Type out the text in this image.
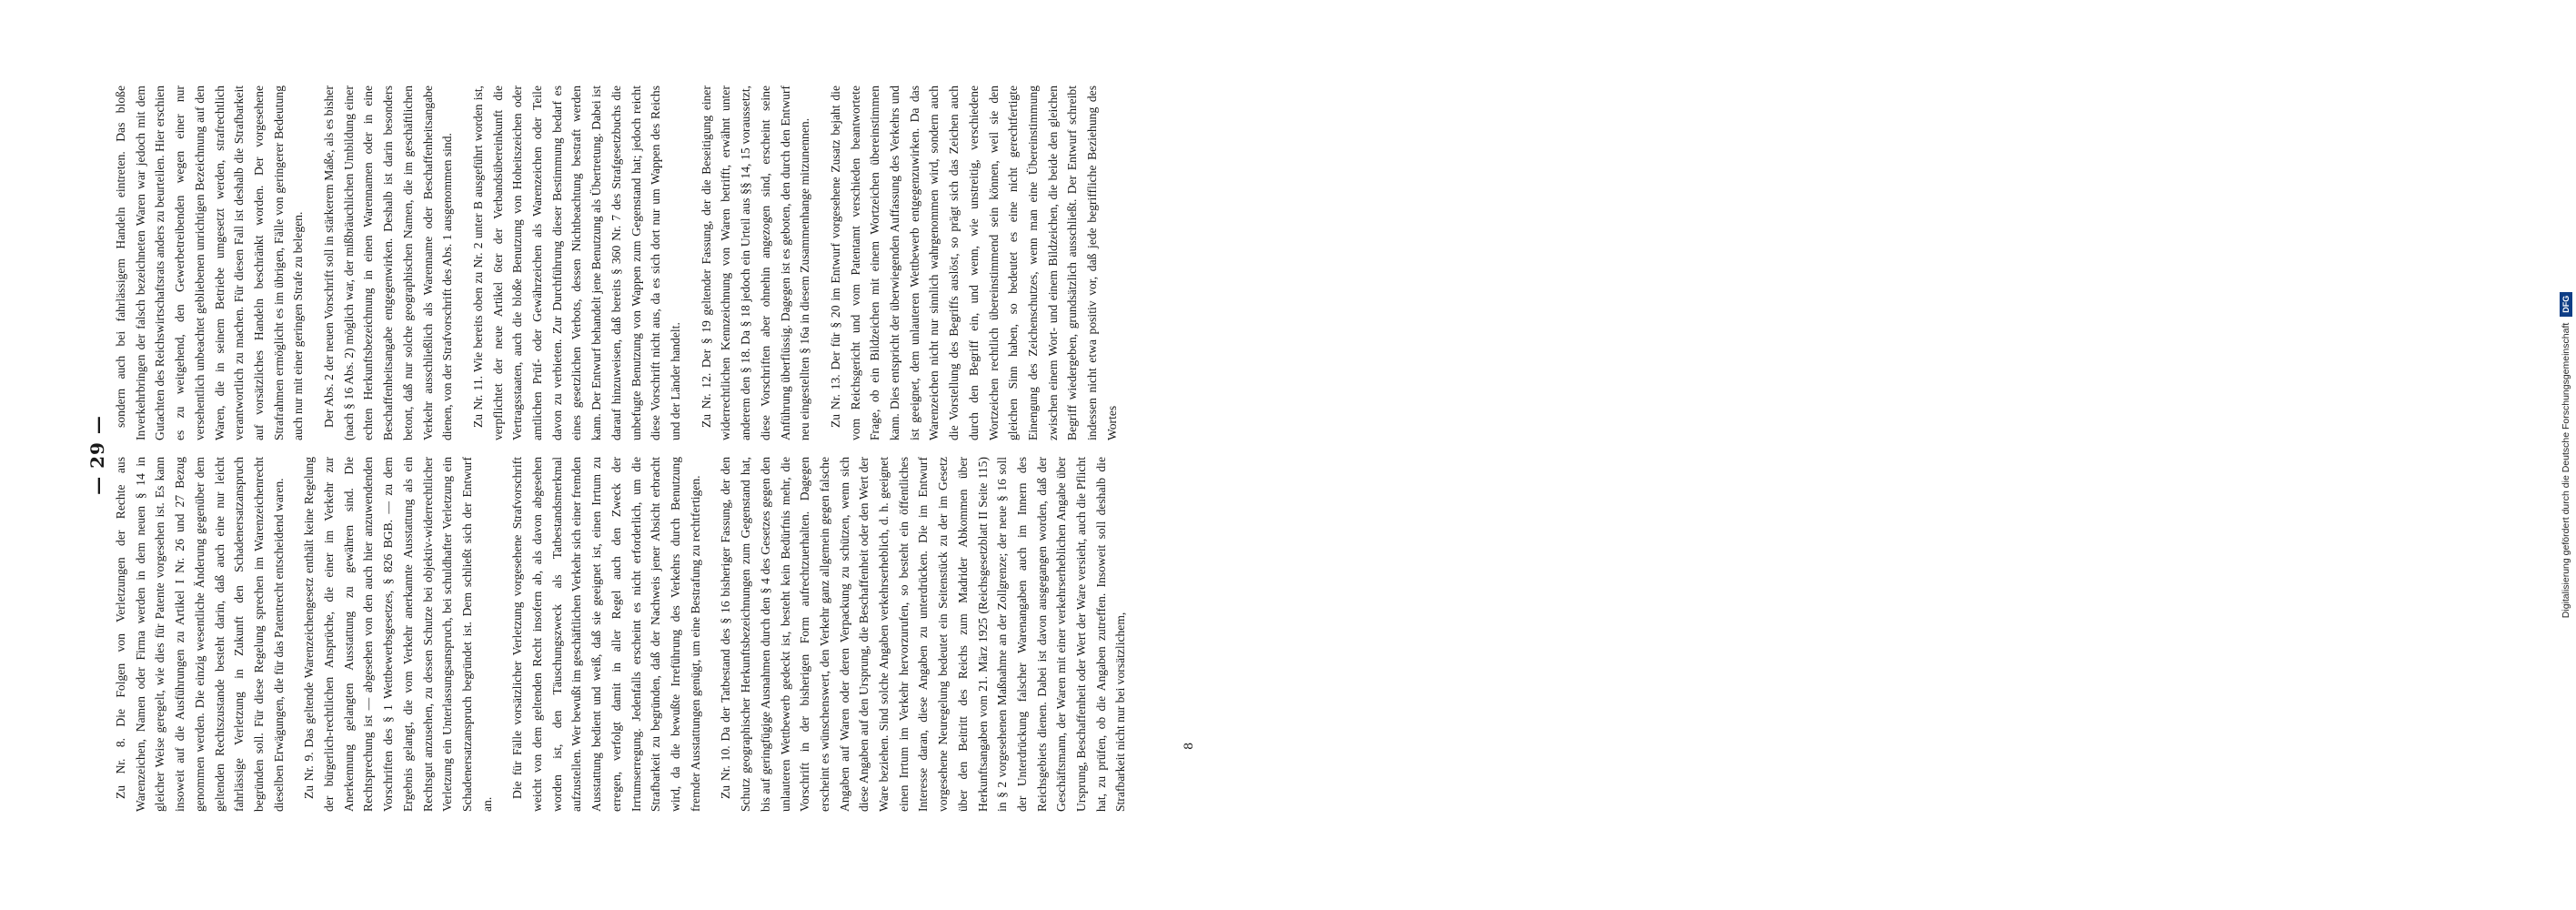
— 29 —

Zu Nr. 8. Die Folgen von Verletzungen der Rechte aus Warenzeichen, Namen oder Firma werden in dem neuen § 14 in gleicher Weise geregelt, wie dies für Patente vorgesehen ist. Es kann insoweit auf die Ausführungen zu Artikel I Nr. 26 und 27 Bezug genommen werden. Die einzig wesentliche Änderung gegenüber dem geltenden Rechtszustande besteht darin, daß auch eine nur leicht fahrlässige Verletzung in Zukunft den Schadenersatzanspruch begründen soll. Für diese Regelung sprechen im Warenzeichenrecht dieselben Erwägungen, die für das Patentrecht entscheidend waren. Zu Nr. 9. Das geltende Warenzeichengesetz enthält keine Regelung der bürgerlich-rechtlichen Ansprüche, die einer im Verkehr zur Anerkennung gelangten Ausstattung zu gewähren sind. Die Rechtsprechung ist — abgesehen von den auch hier anzuwendenden Vorschriften des § 1 Wettbewerbsgesetzes, § 826 BGB. — zu dem Ergebnis gelangt, die vom Verkehr anerkannte Ausstattung als ein Rechtsgut anzusehen, zu dessen Schutze bei objektiv-widerrechtlicher Verletzung ein Unterlassungsanspruch, bei schuldhafter Verletzung ein Schadenersatzanspruch begründet ist. Dem schließt sich der Entwurf an.

Die für Fälle vorsätzlicher Verletzung vorgesehene Strafvorschrift weicht von dem geltenden Recht insofern ab, als davon abgesehen worden ist, den Täuschungszweck als Tatbestandsmerkmal aufzustellen. Wer bewußt im geschäftlichen Verkehr sich einer fremden Ausstattung bedient und weiß, daß sie geeignet ist, einen Irrtum zu erregen, verfolgt damit in aller Regel auch den Zweck der Irrtumserregung. Jedenfalls erscheint es nicht erforderlich, um die Strafbarkeit zu begründen, daß der Nachweis jener Absicht erbracht wird, da die bewußte Irreführung des Verkehrs durch Benutzung fremder Ausstattungen genügt, um eine Bestrafung zu rechtfertigen. Zu Nr. 10. Da der Tatbestand des § 16 bisheriger Fassung, der den Schutz geographischer Herkunftsbezeichnungen zum Gegenstand hat, bis auf geringfügige Ausnahmen durch den § 4 des Gesetzes gegen den unlauteren Wettbewerb gedeckt ist, besteht kein Bedürfnis mehr, die Vorschrift in der bisherigen Form aufrechtzuerhalten. Dagegen erscheint es wünschenswert, den Verkehr ganz allgemein gegen falsche Angaben auf Waren oder deren Verpackung zu schützen, wenn sich diese Angaben auf den Ursprung, die Beschaffenheit oder den Wert der Ware beziehen. Sind solche Angaben verkehrserheblich, d. h. geeignet einen Irrtum im Verkehr hervorzurufen, so besteht ein öffentliches Interesse daran, diese Angaben zu unterdrücken. Die im Entwurf vorgesehene Neuregelung bedeutet ein Seitenstück zu der im Gesetz über den Beitritt des Reichs zum Madrider Abkommen über Herkunftsangaben vom 21. März 1925 (Reichsgesetzblatt II Seite 115) in § 2 vorgesehenen Maßnahme an der Zollgrenze; der neue § 16 soll der Unterdrückung falscher Warenangaben auch im Innern des Reichsgebiets dienen. Dabei ist davon ausgegangen worden, daß der Geschäftsmann, der Waren mit einer verkehrserheblichen Angabe über Ursprung, Beschaffenheit oder Wert der Ware versieht, auch die Pflicht hat, zu prüfen, ob die Angaben zutreffen. Insoweit soll deshalb die Strafbarkeit nicht nur bei vorsätzlichem,

sondern auch bei fahrlässigem Handeln eintreten. Das bloße Inverkehrbringen der falsch bezeichneten Waren war jedoch mit dem Gutachten des Reichswirtschaftsrats anders zu beurteilen. Hier erschien es zu weitgehend, den Gewerbetreibenden wegen einer nur versehentlich unbeachtet gebliebenen unrichtigen Bezeichnung auf den Waren, die in seinem Betriebe umgesetzt werden, strafrechtlich verantwortlich zu machen. Für diesen Fall ist deshalb die Strafbarkeit auf vorsätzliches Handeln beschränkt worden. Der vorgesehene Strafrahmen ermöglicht es im übrigen, Fälle von geringerer Bedeutung auch nur mit einer geringen Strafe zu belegen. Der Abs. 2 der neuen Vorschrift soll in stärkerem Maße, als es bisher (nach § 16 Abs. 2) möglich war, der mißbräuchlichen Umbildung einer echten Herkunftsbezeichnung in einen Warennamen oder in eine Beschaffenheitsangabe entgegenwirken. Deshalb ist darin besonders betont, daß nur solche geographischen Namen, die im geschäftlichen Verkehr ausschließlich als Warenname oder Beschaffenheitsangabe dienen, von der Strafvorschrift des Abs. 1 ausgenommen sind. Zu Nr. 11. Wie bereits oben zu Nr. 2 unter B ausgeführt worden ist, verpflichtet der neue Artikel 6ter der Verbandsübereinkunft die Vertragsstaaten, auch die bloße Benutzung von Hoheitszeichen oder amtlichen Prüf- oder Gewährzeichen als Warenzeichen oder Teile davon zu verbieten. Zur Durchführung dieser Bestimmung bedarf es eines gesetzlichen Verbots, dessen Nichtbeachtung bestraft werden kann. Der Entwurf behandelt jene Benutzung als Übertretung. Dabei ist darauf hinzuweisen, daß bereits § 360 Nr. 7 des Strafgesetzbuchs die unbefugte Benutzung von Wappen zum Gegenstand hat; jedoch reicht diese Vorschrift nicht aus, da es sich dort nur um Wappen des Reichs und der Länder handelt. Zu Nr. 12. Der § 19 geltender Fassung, der die Beseitigung einer widerrechtlichen Kennzeichnung von Waren betrifft, erwähnt unter anderem den § 18. Da § 18 jedoch ein Urteil aus §§ 14, 15 voraussetzt, diese Vorschriften aber ohnehin angezogen sind, erscheint seine Anführung überflüssig. Dagegen ist es geboten, den durch den Entwurf neu eingestellten § 16a in diesem Zusammenhange mitzunennen. Zu Nr. 13. Der für § 20 im Entwurf vorgesehene Zusatz bejaht die vom Reichsgericht und vom Patentamt verschieden beantwortete Frage, ob ein Bildzeichen mit einem Wortzeichen übereinstimmen kann. Dies entspricht der überwiegenden Auffassung des Verkehrs und ist geeignet, dem unlauteren Wettbewerb entgegenzuwirken. Da das Warenzeichen nicht nur sinnlich wahrgenommen wird, sondern auch die Vorstellung des Begriffs auslöst, so prägt sich das Zeichen auch durch den Begriff ein, und wenn, wie unstreitig, verschiedene Wortzeichen rechtlich übereinstimmend sein können, weil sie den gleichen Sinn haben, so bedeutet es eine nicht gerechtfertigte Einengung des Zeichenschutzes, wenn man eine Übereinstimmung zwischen einem Wort- und einem Bildzeichen, die beide den gleichen Begriff wiedergeben, grundsätzlich ausschließt. Der Entwurf schreibt indessen nicht etwa positiv vor, daß jede begriffliche Beziehung des Wortes

8
Digitalisierung gefördert durch die Deutsche Forschungsgemeinschaft DFG
